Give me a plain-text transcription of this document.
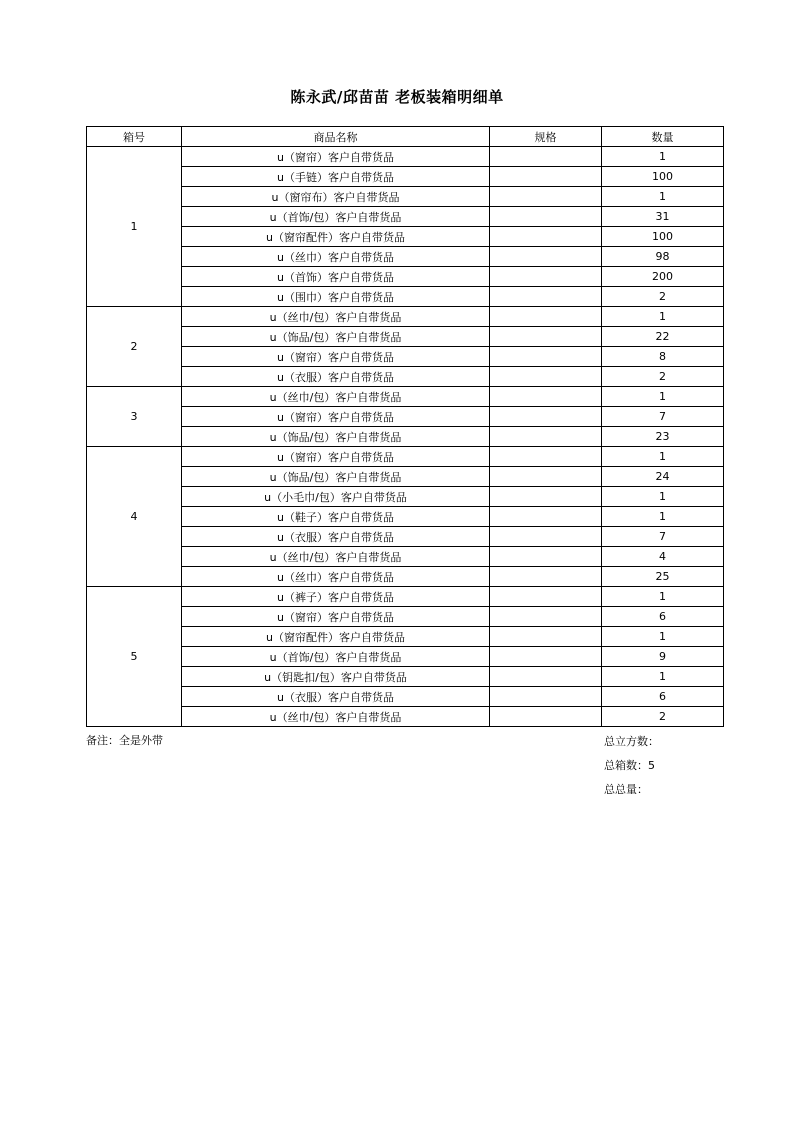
陈永武/邱苗苗 老板装箱明细单
箱号	商品名称	规格	数量
1	u（窗帘）客户自带货品		1
	u（手链）客户自带货品		100
	u（窗帘布）客户自带货品		1
	u（首饰/包）客户自带货品		31
	u（窗帘配件）客户自带货品		100
	u（丝巾）客户自带货品		98
	u（首饰）客户自带货品		200
	u（围巾）客户自带货品		2
2	u（丝巾/包）客户自带货品		1
	u（饰品/包）客户自带货品		22
	u（窗帘）客户自带货品		8
	u（衣服）客户自带货品		2
3	u（丝巾/包）客户自带货品		1
	u（窗帘）客户自带货品		7
	u（饰品/包）客户自带货品		23
4	u（窗帘）客户自带货品		1
	u（饰品/包）客户自带货品		24
	u（小毛巾/包）客户自带货品		1
	u（鞋子）客户自带货品		1
	u（衣服）客户自带货品		7
	u（丝巾/包）客户自带货品		4
	u（丝巾）客户自带货品		25
5	u（裤子）客户自带货品		1
	u（窗帘）客户自带货品		6
	u（窗帘配件）客户自带货品		1
	u（首饰/包）客户自带货品		9
	u（钥匙扣/包）客户自带货品		1
	u（衣服）客户自带货品		6
	u（丝巾/包）客户自带货品		2
备注：全是外带	总立方数：
总箱数：5
总总量：
